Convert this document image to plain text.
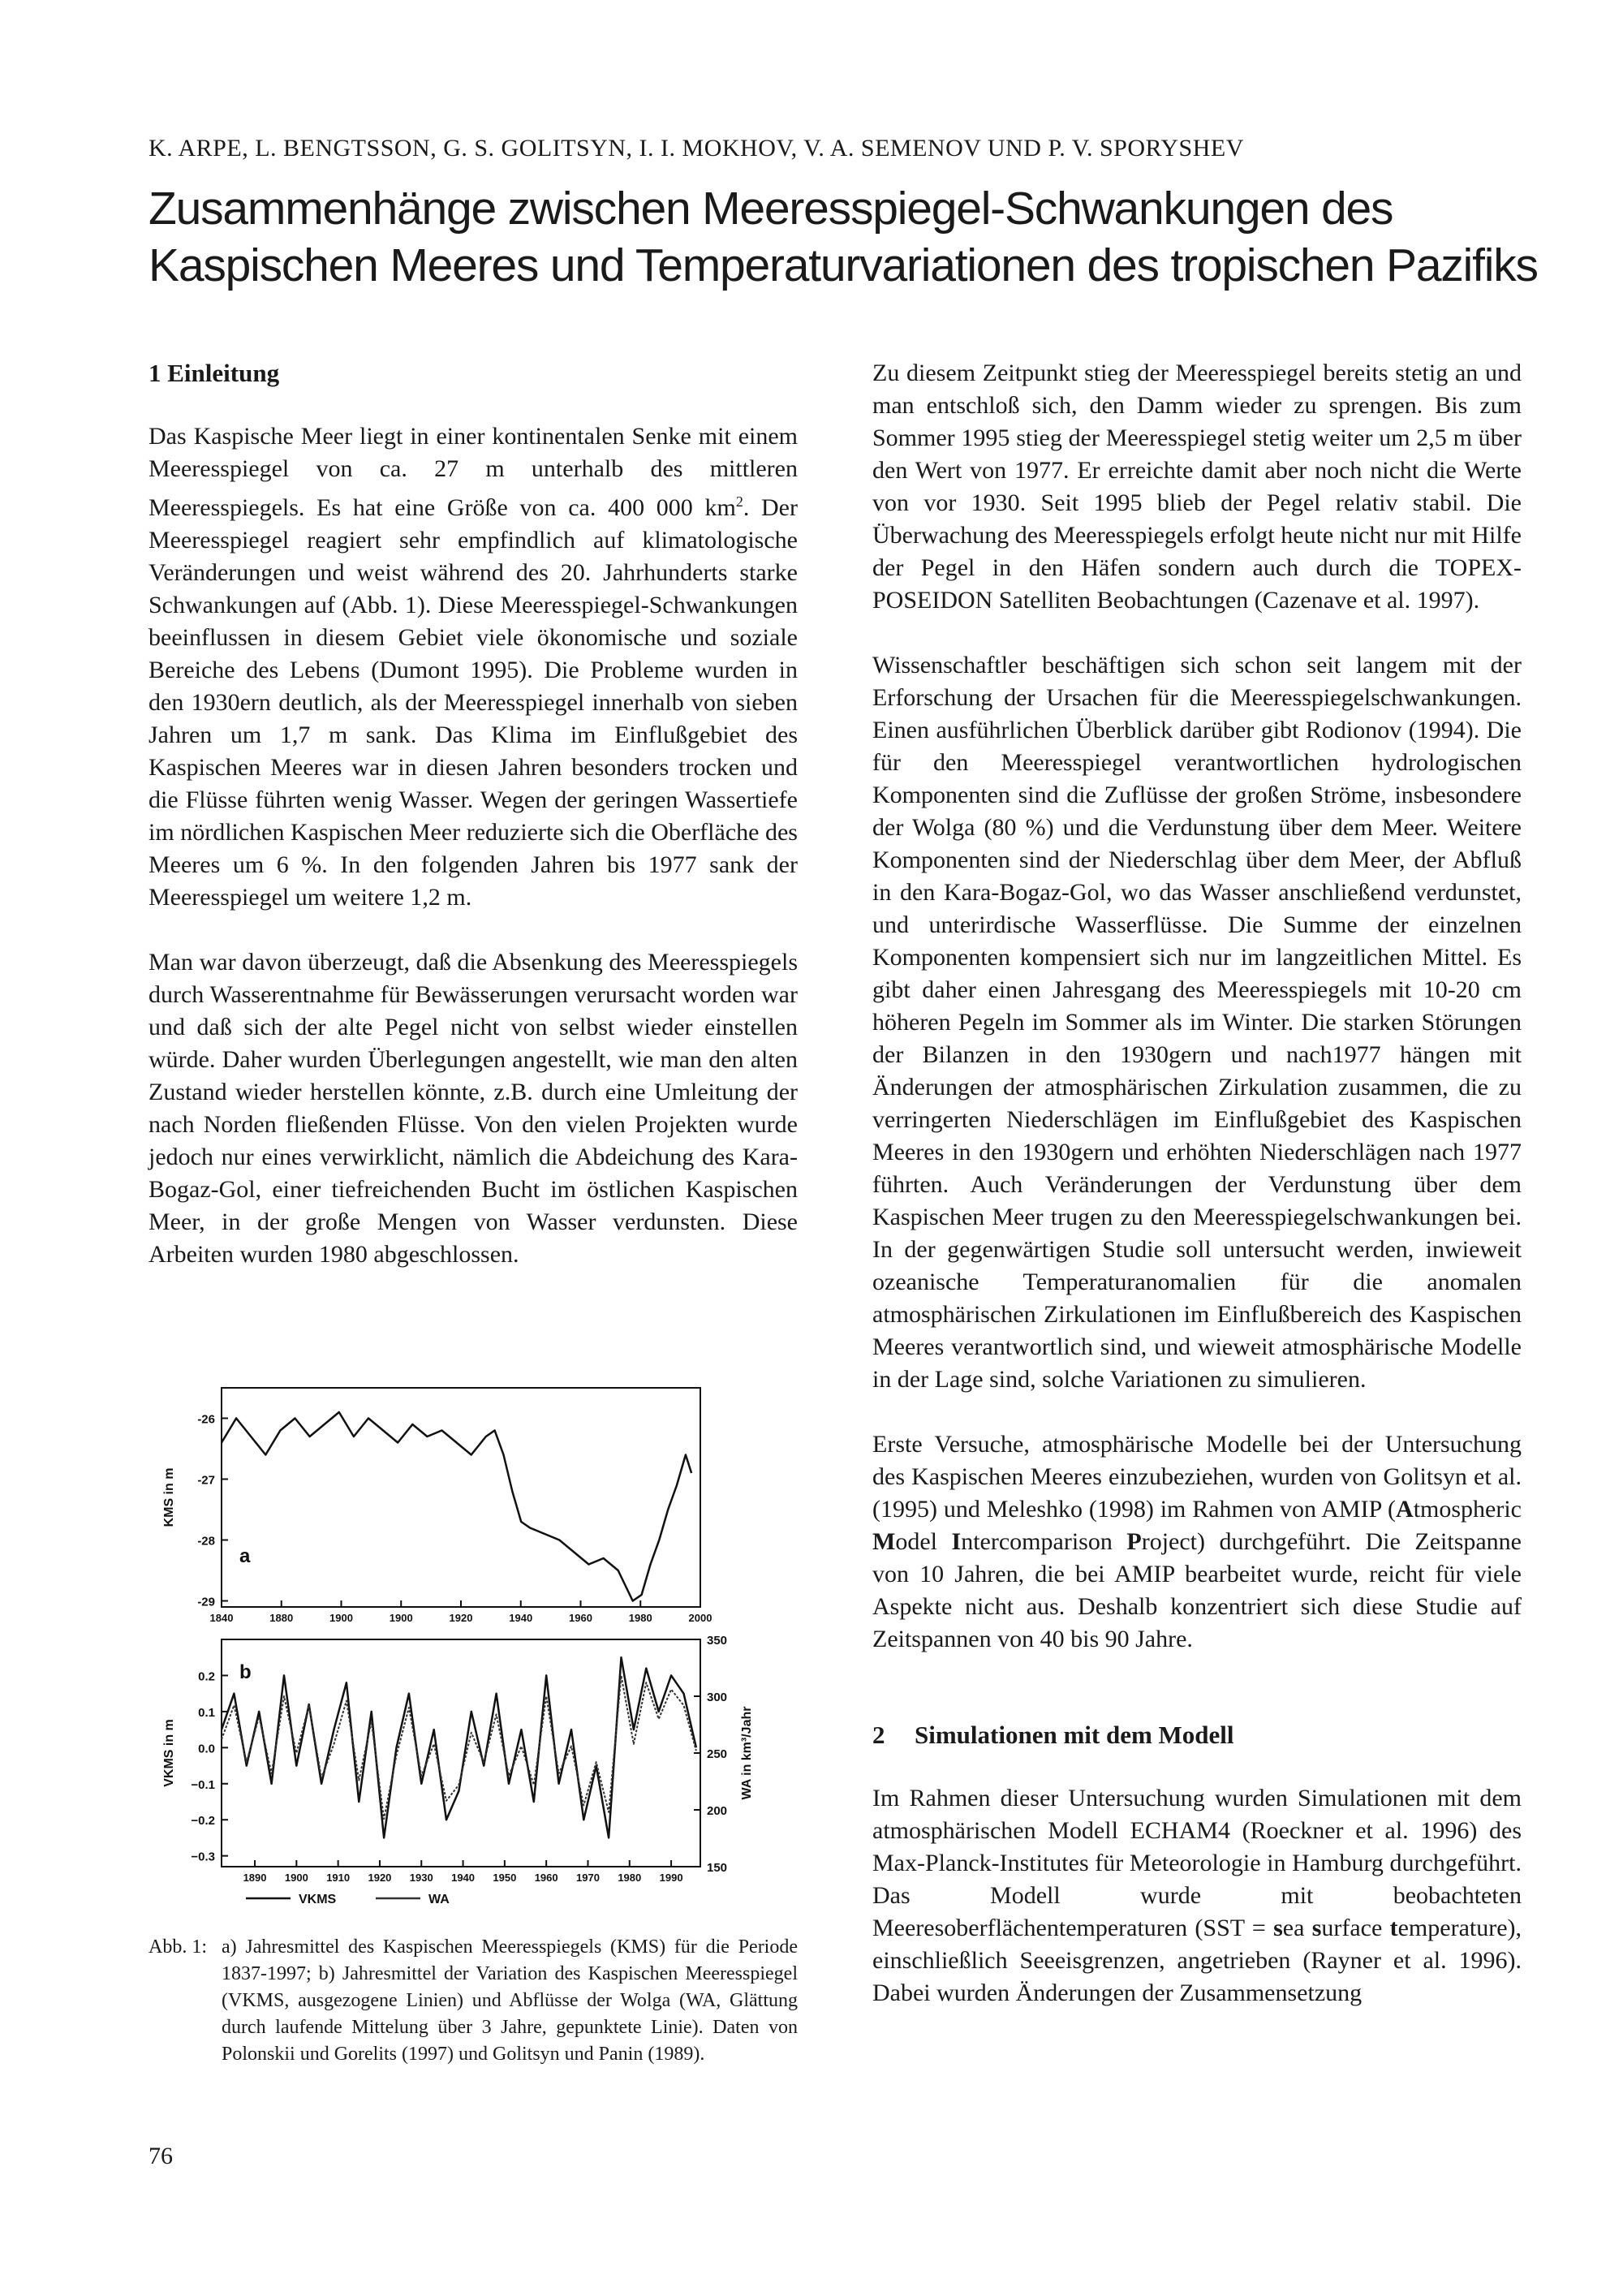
K. ARPE, L. BENGTSSON, G. S. GOLITSYN, I. I. MOKHOV, V. A. SEMENOV UND P. V. SPORYSHEV
Zusammenhänge zwischen Meeresspiegel-Schwankungen des
Kaspischen Meeres und Temperaturvariationen des tropischen Pazifiks

1 Einleitung

Das Kaspische Meer liegt in einer kontinentalen Senke mit einem Meeresspiegel von ca. 27 m unterhalb des mittleren Meeresspiegels. Es hat eine Größe von ca. 400 000 $km^2$. Der Meeresspiegel reagiert sehr empfindlich auf klimatologische Veränderungen und weist während des 20. Jahrhunderts starke Schwankungen auf (Abb. 1). Diese Meeresspiegel-Schwankungen beeinflussen in diesem Gebiet viele ökonomische und soziale Bereiche des Lebens (Dumont 1995). Die Probleme wurden in den 1930ern deutlich, als der Meeresspiegel innerhalb von sieben Jahren um 1,7 m sank. Das Klima im Einflußgebiet des Kaspischen Meeres war in diesen Jahren besonders trocken und die Flüsse führten wenig Wasser. Wegen der geringen Wassertiefe im nördlichen Kaspischen Meer reduzierte sich die Oberfläche des Meeres um 6 %. In den folgenden Jahren bis 1977 sank der Meeresspiegel um weitere 1,2 m.

Man war davon überzeugt, daß die Absenkung des Meeresspiegels durch Wasserentnahme für Bewässerungen verursacht worden war und daß sich der alte Pegel nicht von selbst wieder einstellen würde. Daher wurden Überlegungen angestellt, wie man den alten Zustand wieder herstellen könnte, z.B. durch eine Umleitung der nach Norden fließenden Flüsse. Von den vielen Projekten wurde jedoch nur eines verwirklicht, nämlich die Abdeichung des Kara-Bogaz-Gol, einer tiefreichenden Bucht im östlichen Kaspischen Meer, in der große Mengen von Wasser verdunsten. Diese Arbeiten wurden 1980 abgeschlossen.

-26
-27
-28
-29
1840	1880	1900	1900	1920	1940	1960	1980	2000
KMS in m
a
0.2
0.1
0.0
−0.1
−0.2
−0.3
350
300
250
200
150
1890 1900 1910 1920 1930 1940 1950 1960 1970 1980 1990
VKMS in m	WA in km³/Jahr
b
VKMS	WA
Abb. 1: a) Jahresmittel des Kaspischen Meeresspiegels (KMS) für die Periode 1837-1997; b) Jahresmittel der Variation des Kaspischen Meeresspiegel (VKMS, ausgezogene Linien) und Abflüsse der Wolga (WA, Glättung durch laufende Mittelung über 3 Jahre, gepunktete Linie). Daten von Polonskii und Gorelits (1997) und Golitsyn und Panin (1989).

Zu diesem Zeitpunkt stieg der Meeresspiegel bereits stetig an und man entschloß sich, den Damm wieder zu sprengen. Bis zum Sommer 1995 stieg der Meeresspiegel stetig weiter um 2,5 m über den Wert von 1977. Er erreichte damit aber noch nicht die Werte von vor 1930. Seit 1995 blieb der Pegel relativ stabil. Die Überwachung des Meeresspiegels erfolgt heute nicht nur mit Hilfe der Pegel in den Häfen sondern auch durch die TOPEX-POSEIDON Satelliten Beobachtungen (Cazenave et al. 1997).

Wissenschaftler beschäftigen sich schon seit langem mit der Erforschung der Ursachen für die Meeresspiegelschwankungen. Einen ausführlichen Überblick darüber gibt Rodionov (1994). Die für den Meeresspiegel verantwortlichen hydrologischen Komponenten sind die Zuflüsse der großen Ströme, insbesondere der Wolga (80 %) und die Verdunstung über dem Meer. Weitere Komponenten sind der Niederschlag über dem Meer, der Abfluß in den Kara-Bogaz-Gol, wo das Wasser anschließend verdunstet, und unterirdische Wasserflüsse. Die Summe der einzelnen Komponenten kompensiert sich nur im langzeitlichen Mittel. Es gibt daher einen Jahresgang des Meeresspiegels mit 10-20 cm höheren Pegeln im Sommer als im Winter. Die starken Störungen der Bilanzen in den 1930gern und nach1977 hängen mit Änderungen der atmosphärischen Zirkulation zusammen, die zu verringerten Niederschlägen im Einflußgebiet des Kaspischen Meeres in den 1930gern und erhöhten Niederschlägen nach 1977 führten. Auch Veränderungen der Verdunstung über dem Kaspischen Meer trugen zu den Meeresspiegelschwankungen bei. In der gegenwärtigen Studie soll untersucht werden, inwieweit ozeanische Temperaturanomalien für die anomalen atmosphärischen Zirkulationen im Einflußbereich des Kaspischen Meeres verantwortlich sind, und wieweit atmosphärische Modelle in der Lage sind, solche Variationen zu simulieren.

Erste Versuche, atmosphärische Modelle bei der Untersuchung des Kaspischen Meeres einzubeziehen, wurden von Golitsyn et al. (1995) und Meleshko (1998) im Rahmen von AMIP (Atmospheric Model Intercomparison Project) durchgeführt. Die Zeitspanne von 10 Jahren, die bei AMIP bearbeitet wurde, reicht für viele Aspekte nicht aus. Deshalb konzentriert sich diese Studie auf Zeitspannen von 40 bis 90 Jahre.

2 Simulationen mit dem Modell

Im Rahmen dieser Untersuchung wurden Simulationen mit dem atmosphärischen Modell ECHAM4 (Roeckner et al. 1996) des Max-Planck-Institutes für Meteorologie in Hamburg durchgeführt. Das Modell wurde mit beobachteten Meeresoberflächentemperaturen (SST = sea surface temperature), einschließlich Seeeisgrenzen, angetrieben (Rayner et al. 1996). Dabei wurden Änderungen der Zusammensetzung

76
